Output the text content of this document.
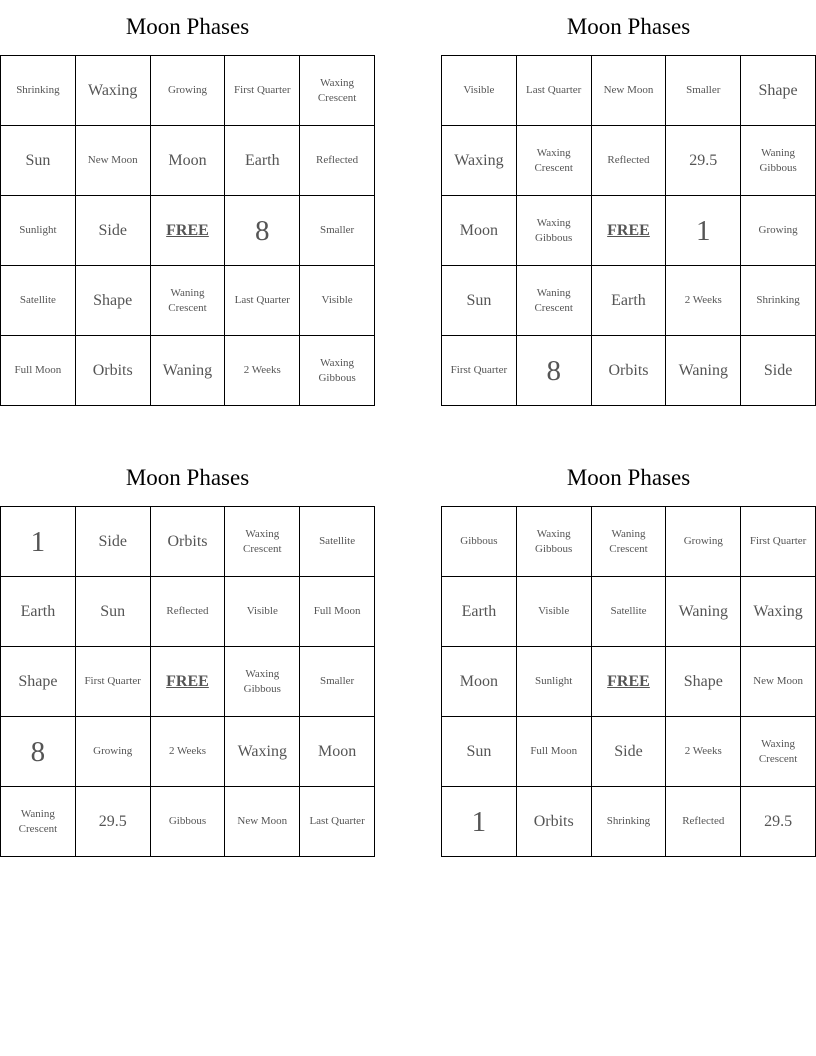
Moon Phases
Shrinking	Waxing	Growing	First Quarter	Waxing Crescent
Sun	New Moon	Moon	Earth	Reflected
Sunlight	Side	FREE	8	Smaller
Satellite	Shape	Waning Crescent	Last Quarter	Visible
Full Moon	Orbits	Waning	2 Weeks	Waxing Gibbous
Moon Phases
Visible	Last Quarter	New Moon	Smaller	Shape
Waxing	Waxing Crescent	Reflected	29.5	Waning Gibbous
Moon	Waxing Gibbous	FREE	1	Growing
Sun	Waning Crescent	Earth	2 Weeks	Shrinking
First Quarter	8	Orbits	Waning	Side
Moon Phases
1	Side	Orbits	Waxing Crescent	Satellite
Earth	Sun	Reflected	Visible	Full Moon
Shape	First Quarter	FREE	Waxing Gibbous	Smaller
8	Growing	2 Weeks	Waxing	Moon
Waning Crescent	29.5	Gibbous	New Moon	Last Quarter
Moon Phases
Gibbous	Waxing Gibbous	Waning Crescent	Growing	First Quarter
Earth	Visible	Satellite	Waning	Waxing
Moon	Sunlight	FREE	Shape	New Moon
Sun	Full Moon	Side	2 Weeks	Waxing Crescent
1	Orbits	Shrinking	Reflected	29.5
